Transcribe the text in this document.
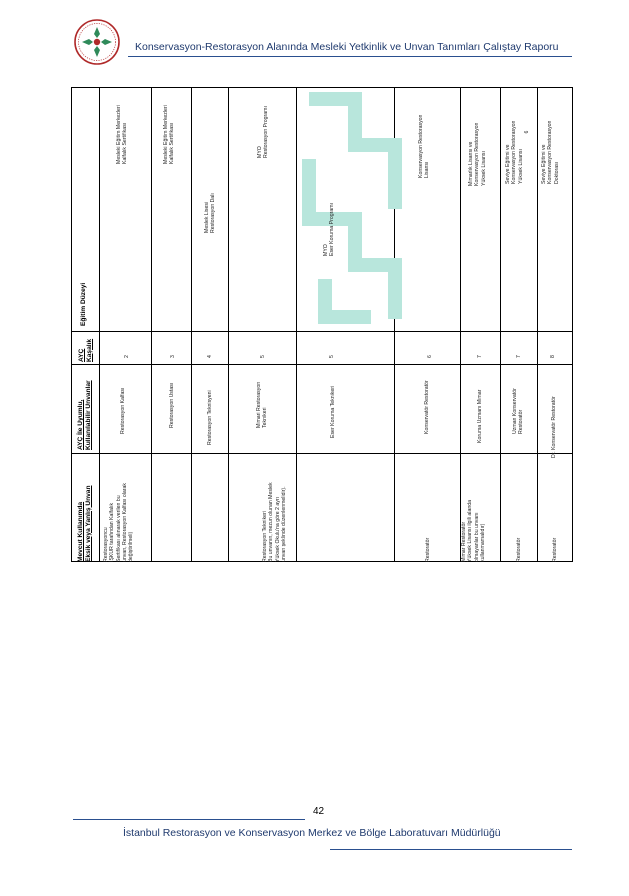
Konservasyon-Restorasyon Alanında Mesleki Yetkinlik ve Unvan Tanımları Çalıştay Raporu
Mevcut Kullanımda
Eksik veya Yanlış Unvan
AYÇ İle Uyumlu,
Kullanılabilir Unvanlar
AYÇ
Kaşalık
Eğitim Düzeyi
Restorasyoncu
İŞKUR tarafından Kalfalık
Sertifikası alınarak verilen bu
unvan, Restorasyon Kalfası olarak
değiştirilmeli)
Restorasyon Kalfası
2
Mesleki Eğitim Merkezleri
Kalfalık Sertifikası
Restorasyon Ustası
3
Mesleki Eğitim Merkezleri
Kalfalık Sertifikası
Restorasyon Teknisyeni
4
Meslek Lisesi
Restorasyon Dalı
Restorasyon Teknikeri
Bu unvanın, mezun olunan Meslek
Yüksek Okulu'na göre 2 ayrı
unvan şeklinde düzenlenmelidir).
Mimari Restorasyon
Teknikeri
5
MYO
Restorasyon Programı
Eser Koruma Teknikeri
5
MYO
Eser Koruma Programı
Restoratör
Konservatör Restoratör
6
Konservasyon Restorasyon
Lisansı
Mimar Restoratör
Yüksek Lisansı ilgili alanda
olmayanlar bu unvanı
kullanmamalıdır)
Koruma Uzmanı Mimar
7
Mimarlık Lisansı ve
Konservasyon Restorasyon
Yüksek Lisansı
Restoratör
Uzman Konservatör
Restoratör
7
Seviye Eğitimi ve
Konservasyon Restorasyon
Yüksek Lisansı
6
Restoratör
Dr. Konservatör Restoratör
8
Seviye Eğitimi ve
Konservasyon Restorasyon
Doktorası
42
İstanbul Restorasyon ve Konservasyon Merkez ve Bölge Laboratuvarı Müdürlüğü
